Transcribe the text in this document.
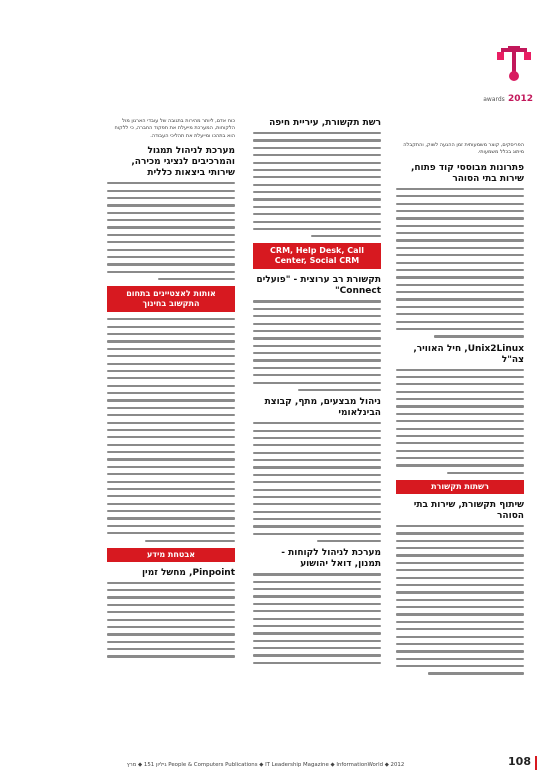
awards 2012
הפריסקים, קוצר משמעותית זמן ההגעה לשוק, והתקבלה מיתוג בכלל משמעותי.
פתרונות מבוססי קוד פתוח, שירות בתי הסוהר
Unix2Linux, חיל האוויר, צה"ל
רשתות תקשורת
שיתוף תקשורת, שירות בתי הסוהר
רשת תקשורת, עיריית חיפה
CRM, Help Desk, Call Center, Social CRM
תקשורת רב ערוצית - "פועלים Connect"
ניהול מבצעים, מתף, קבוצת הבינלאומי
מערכת לניהול לקוחות - תמנון, דואל יהושוע
כוח אדם, ליותר מהירות בתגובה של עובדי הארגון מול הלקוחות, המערכת מייעלת את תפקוד החברה, כי ללקוח הוא בתהכו ומייעלת את תהליכי העבודה.
מערכת לניהול תמגול והמרכיבים לנציגי מכירה, שירותי ביצאות כללית
אותות לאצטיינים בתחום התקשוב בחינוך
אבטחת מידע
Pinpoint, מחשל זמין
People & Computers Publications ◆ IT Leadership Magazine ◆ InformationWorld ◆ 2012 גיליון 151 ◆ מרץ	108
